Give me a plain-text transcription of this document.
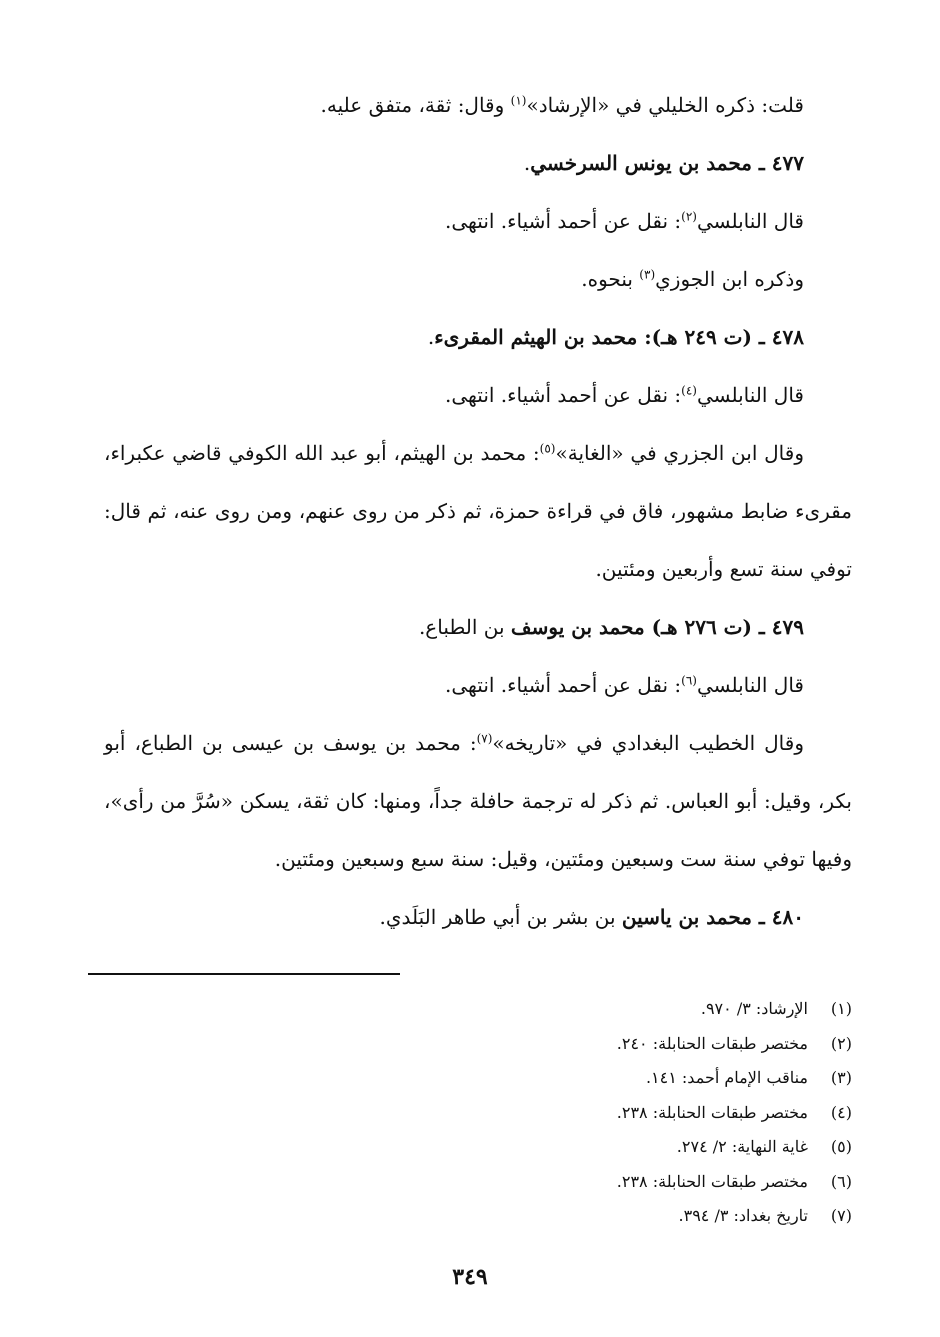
قلت: ذكره الخليلي في «الإرشاد»$^{(١)}$ وقال: ثقة، متفق عليه.

٤٧٧ ـ محمد بن يونس السرخسي.

قال النابلسي$^{(٢)}$: نقل عن أحمد أشياء. انتهى.

وذكره ابن الجوزي$^{(٣)}$ بنحوه.

٤٧٨ ـ (ت ٢٤٩ هـ): محمد بن الهيثم المقرىء.

قال النابلسي$^{(٤)}$: نقل عن أحمد أشياء. انتهى.

وقال ابن الجزري في «الغاية»$^{(٥)}$: محمد بن الهيثم، أبو عبد الله الكوفي قاضي عكبراء، مقرىء ضابط مشهور، فاق في قراءة حمزة، ثم ذكر من روى عنهم، ومن روى عنه، ثم قال: توفي سنة تسع وأربعين ومئتين.

٤٧٩ ـ (ت ٢٧٦ هـ) محمد بن يوسف بن الطباع.

قال النابلسي$^{(٦)}$: نقل عن أحمد أشياء. انتهى.

وقال الخطيب البغدادي في «تاريخه»$^{(٧)}$: محمد بن يوسف بن عيسى بن الطباع، أبو بكر، وقيل: أبو العباس. ثم ذكر له ترجمة حافلة جداً، ومنها: كان ثقة، يسكن «سُرَّ من رأى»، وفيها توفي سنة ست وسبعين ومئتين، وقيل: سنة سبع وسبعين ومئتين.

٤٨٠ ـ محمد بن ياسين بن بشر بن أبي طاهر البَلَدي.

(١)
الإرشاد: ٣/ ٩٧٠.
(٢)
مختصر طبقات الحنابلة: ٢٤٠.
(٣)
مناقب الإمام أحمد: ١٤١.
(٤)
مختصر طبقات الحنابلة: ٢٣٨.
(٥)
غاية النهاية: ٢/ ٢٧٤.
(٦)
مختصر طبقات الحنابلة: ٢٣٨.
(٧)
تاريخ بغداد: ٣/ ٣٩٤.
٣٤٩
